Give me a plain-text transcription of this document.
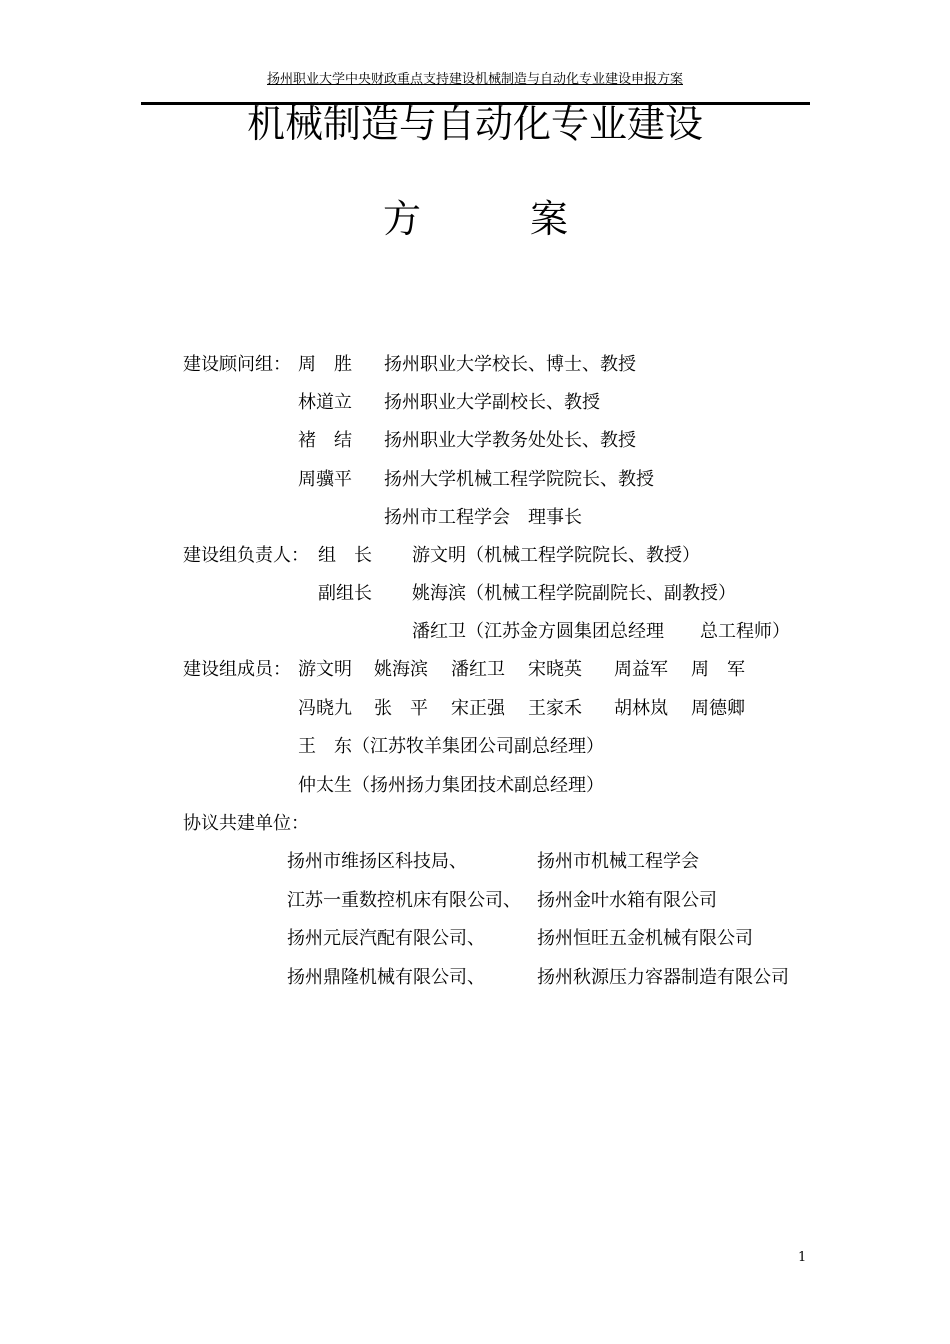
扬州职业大学中央财政重点支持建设机械制造与自动化专业建设申报方案
机械制造与自动化专业建设
方	案
建设顾问组： 周　胜 扬州职业大学校长、博士、教授
林道立 扬州职业大学副校长、教授
褚　结 扬州职业大学教务处处长、教授
周骥平 扬州大学机械工程学院院长、教授
扬州市工程学会　理事长
建设组负责人： 组　长 游文明（机械工程学院院长、教授）
副组长 姚海滨（机械工程学院副院长、副教授）
潘红卫（江苏金方圆集团总经理　　总工程师）
建设组成员： 游文明 姚海滨 潘红卫 宋晓英 周益军 周　军
冯晓九 张　平 宋正强 王家禾 胡林岚 周德卿
王　东（江苏牧羊集团公司副总经理）
仲太生（扬州扬力集团技术副总经理）
协议共建单位：
扬州市维扬区科技局、	扬州市机械工程学会
江苏一重数控机床有限公司、 扬州金叶水箱有限公司
扬州元辰汽配有限公司、	扬州恒旺五金机械有限公司
扬州鼎隆机械有限公司、	扬州秋源压力容器制造有限公司
1
